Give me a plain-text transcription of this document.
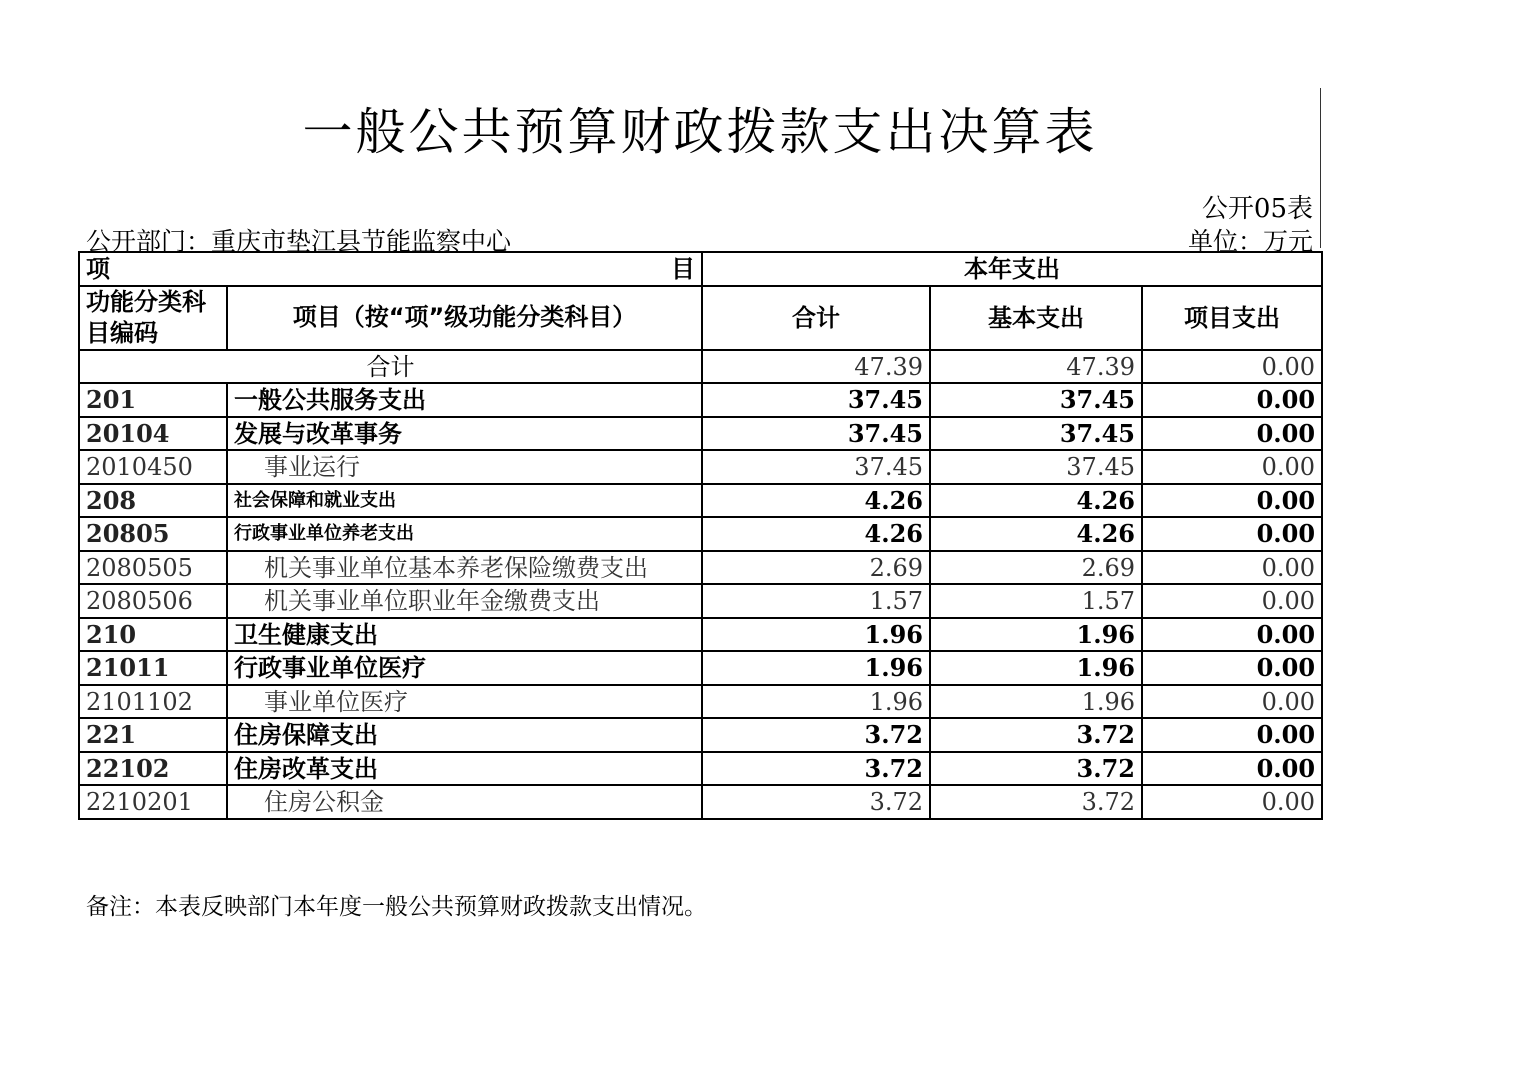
一般公共预算财政拨款支出决算表
公开05表
公开部门：重庆市垫江县节能监察中心	单位：万元
项 目		本年支出		
功能分类科目编码	项目（按“项”级功能分类科目）	合计	基本支出	项目支出
合计		47.39	47.39	0.00
201	一般公共服务支出	37.45	37.45	0.00
20104	发展与改革事务	37.45	37.45	0.00
2010450	事业运行	37.45	37.45	0.00
208	社会保障和就业支出	4.26	4.26	0.00
20805	行政事业单位养老支出	4.26	4.26	0.00
2080505	机关事业单位基本养老保险缴费支出	2.69	2.69	0.00
2080506	机关事业单位职业年金缴费支出	1.57	1.57	0.00
210	卫生健康支出	1.96	1.96	0.00
21011	行政事业单位医疗	1.96	1.96	0.00
2101102	事业单位医疗	1.96	1.96	0.00
221	住房保障支出	3.72	3.72	0.00
22102	住房改革支出	3.72	3.72	0.00
2210201	住房公积金	3.72	3.72	0.00
备注：本表反映部门本年度一般公共预算财政拨款支出情况。
